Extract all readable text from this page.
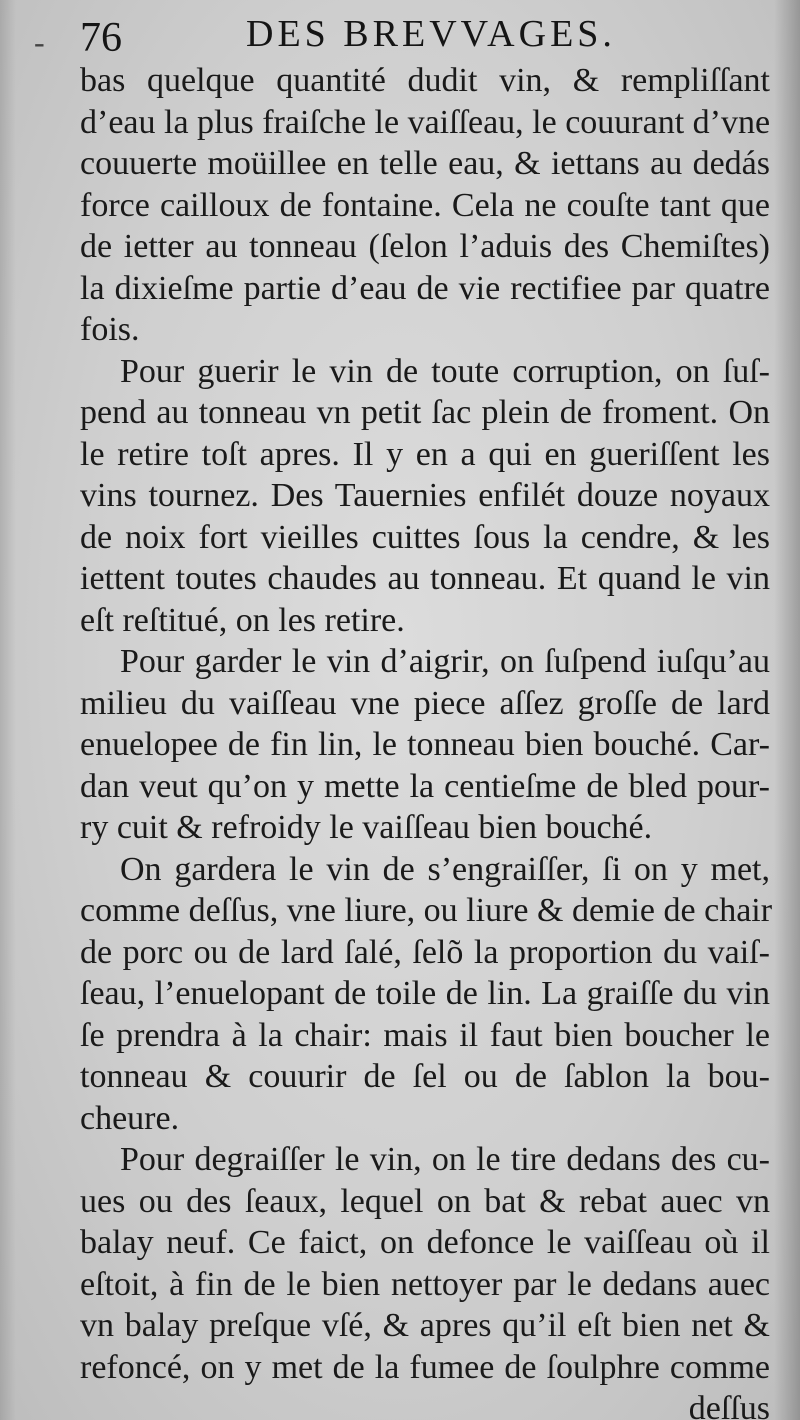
- 76	DES BREVVAGES.
bas quelque quantité dudit vin, & rempliſſant
d’eau la plus fraiſche le vaiſſeau, le couurant d’vne
couuerte moüillee en telle eau, & iettans au dedás
force cailloux de fontaine. Cela ne couſte tant que
de ietter au tonneau (ſelon l’aduis des Chemiſtes)
la dixieſme partie d’eau de vie rectifiee par quatre
fois.
Pour guerir le vin de toute corruption, on ſuſ-
pend au tonneau vn petit ſac plein de froment. On
le retire toſt apres. Il y en a qui en gueriſſent les
vins tournez. Des Tauernies enfilét douze noyaux
de noix fort vieilles cuittes ſous la cendre, & les
iettent toutes chaudes au tonneau. Et quand le vin
eſt reſtitué, on les retire.
Pour garder le vin d’aigrir, on ſuſpend iuſqu’au
milieu du vaiſſeau vne piece aſſez groſſe de lard
enuelopee de fin lin, le tonneau bien bouché. Car-
dan veut qu’on y mette la centieſme de bled pour-
ry cuit & refroidy le vaiſſeau bien bouché.
On gardera le vin de s’engraiſſer, ſi on y met,
comme deſſus, vne liure, ou liure & demie de chair
de porc ou de lard ſalé, ſelõ la proportion du vaiſ-
ſeau, l’enuelopant de toile de lin. La graiſſe du vin
ſe prendra à la chair: mais il faut bien boucher le
tonneau & couurir de ſel ou de ſablon la bou-
cheure.
Pour degraiſſer le vin, on le tire dedans des cu-
ues ou des ſeaux, lequel on bat & rebat auec vn
balay neuf. Ce faict, on defonce le vaiſſeau où il
eſtoit, à fin de le bien nettoyer par le dedans auec
vn balay preſque vſé, & apres qu’il eſt bien net &
refoncé, on y met de la fumee de ſoulphre comme
deſſus
